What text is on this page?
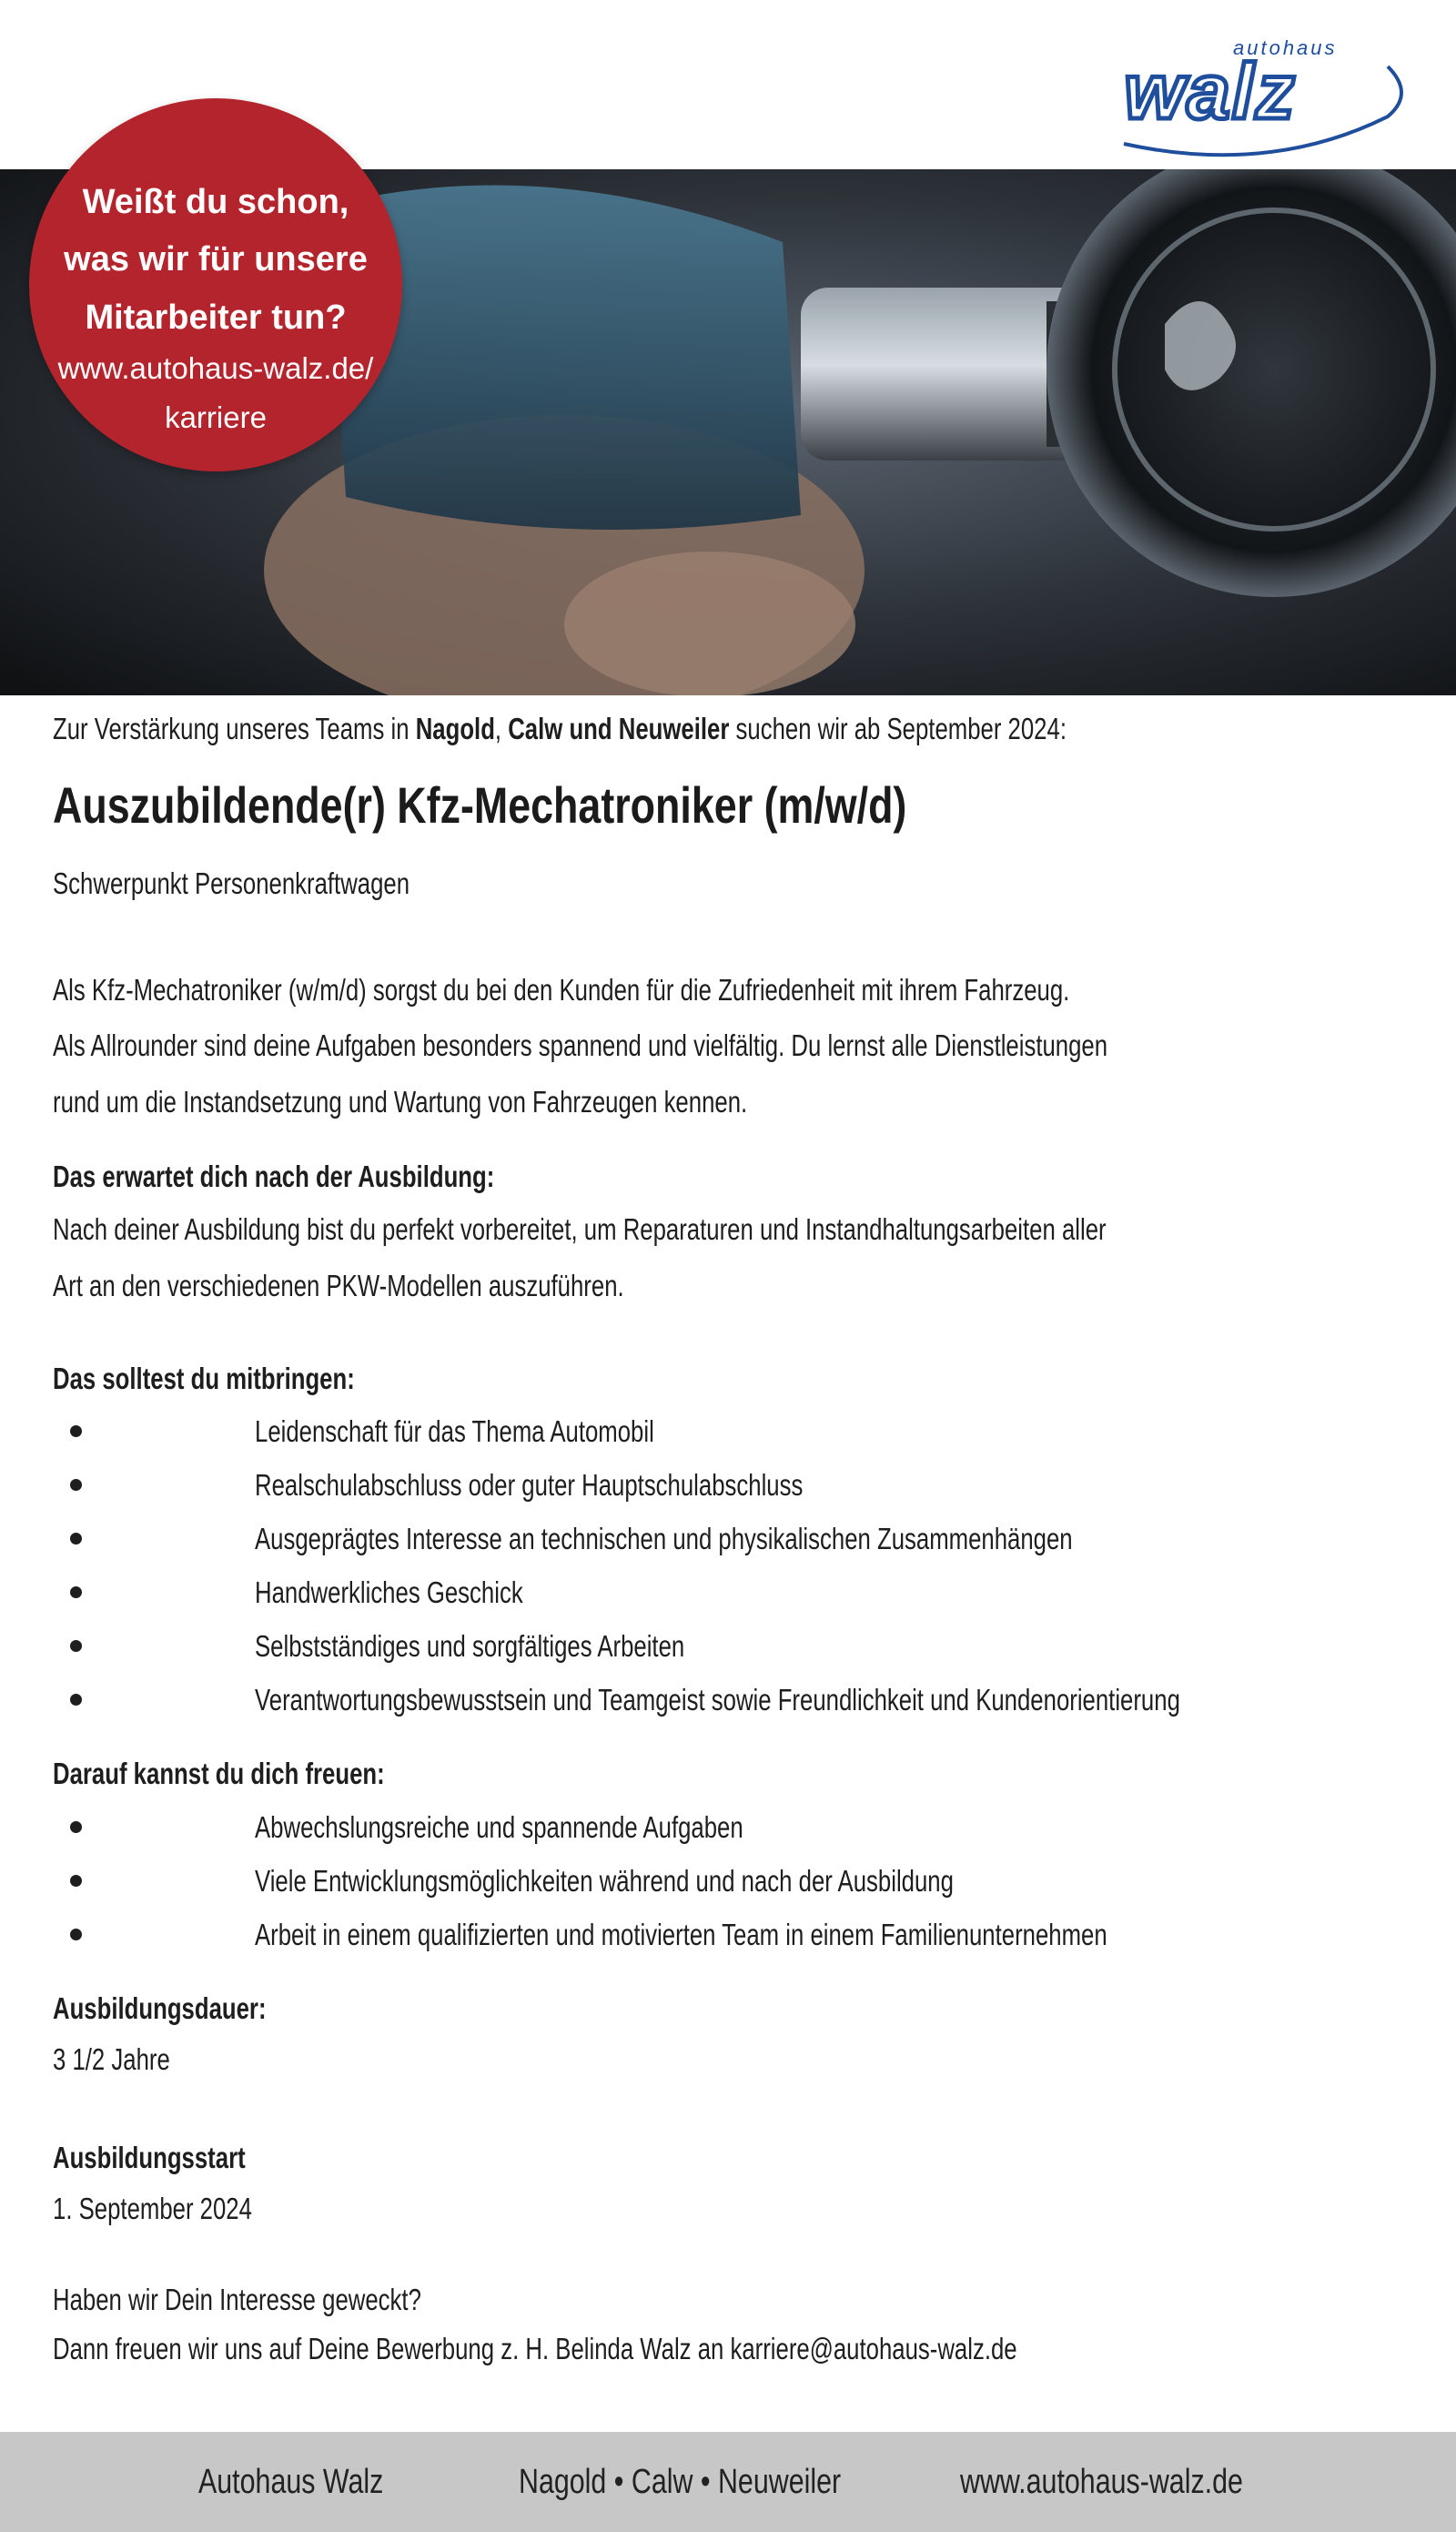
autohaus
walz
Weißt du schon,
was wir für unsere
Mitarbeiter tun?
www.autohaus-walz.de/
karriere
Zur Verstärkung unseres Teams in Nagold, Calw und Neuweiler suchen wir ab September 2024:
Auszubildende(r) Kfz-Mechatroniker (m/w/d)
Schwerpunkt Personenkraftwagen
Als Kfz-Mechatroniker (w/m/d) sorgst du bei den Kunden für die Zufriedenheit mit ihrem Fahrzeug.
Als Allrounder sind deine Aufgaben besonders spannend und vielfältig. Du lernst alle Dienstleistungen
rund um die Instandsetzung und Wartung von Fahrzeugen kennen.
Das erwartet dich nach der Ausbildung:
Nach deiner Ausbildung bist du perfekt vorbereitet, um Reparaturen und Instandhaltungsarbeiten aller
Art an den verschiedenen PKW-Modellen auszuführen.
Das solltest du mitbringen:
Leidenschaft für das Thema Automobil
Realschulabschluss oder guter Hauptschulabschluss
Ausgeprägtes Interesse an technischen und physikalischen Zusammenhängen
Handwerkliches Geschick
Selbstständiges und sorgfältiges Arbeiten
Verantwortungsbewusstsein und Teamgeist sowie Freundlichkeit und Kundenorientierung
Darauf kannst du dich freuen:
Abwechslungsreiche und spannende Aufgaben
Viele Entwicklungsmöglichkeiten während und nach der Ausbildung
Arbeit in einem qualifizierten und motivierten Team in einem Familienunternehmen
Ausbildungsdauer:
3 1/2 Jahre
Ausbildungsstart
1. September 2024
Haben wir Dein Interesse geweckt?
Dann freuen wir uns auf Deine Bewerbung z. H. Belinda Walz an karriere@autohaus-walz.de
Autohaus Walz	Nagold • Calw • Neuweiler	www.autohaus-walz.de
